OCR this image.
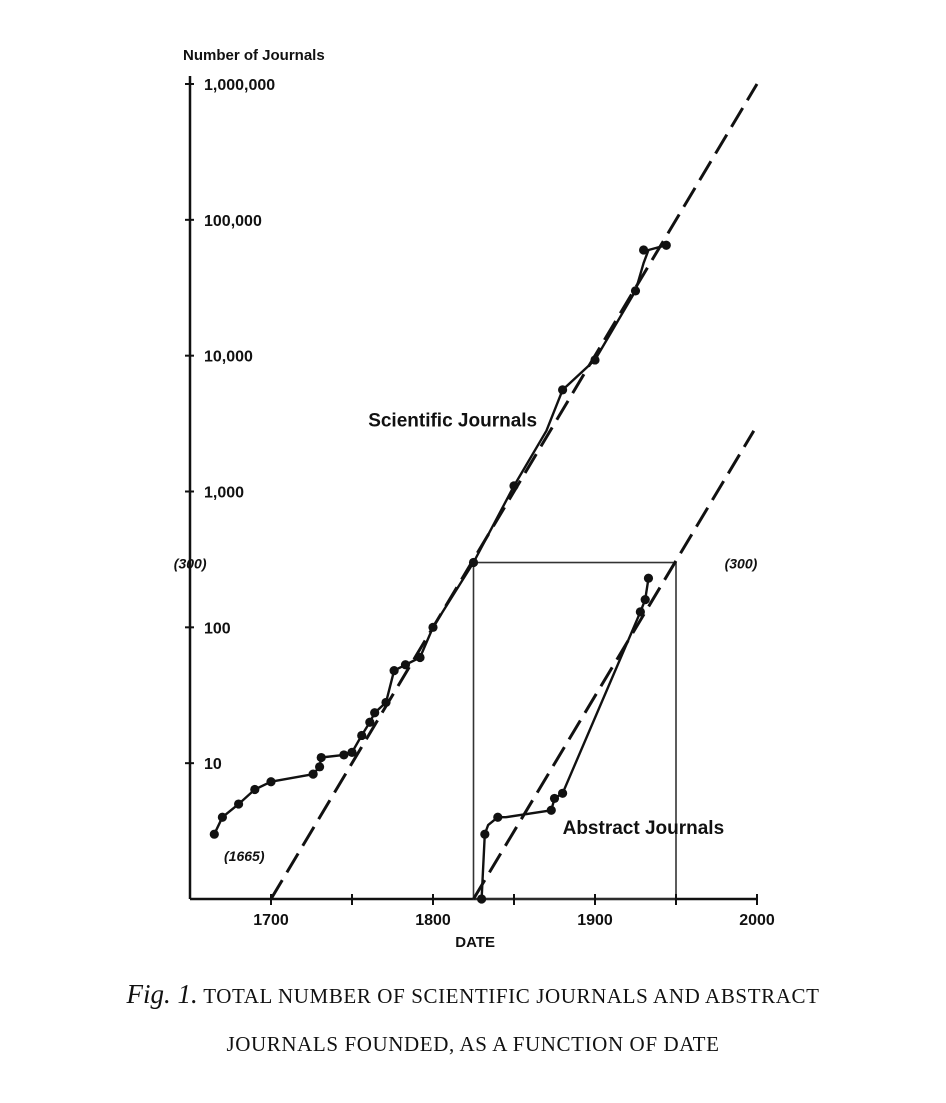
10
100
1,000
10,000
100,000
1,000,000
1700	1800	1900	2000
Number of Journals
DATE
Scientific Journals
Abstract Journals
(1665)
(300)	(300)
Fig. 1. TOTAL NUMBER OF SCIENTIFIC JOURNALS AND ABSTRACT
JOURNALS FOUNDED, AS A FUNCTION OF DATE
